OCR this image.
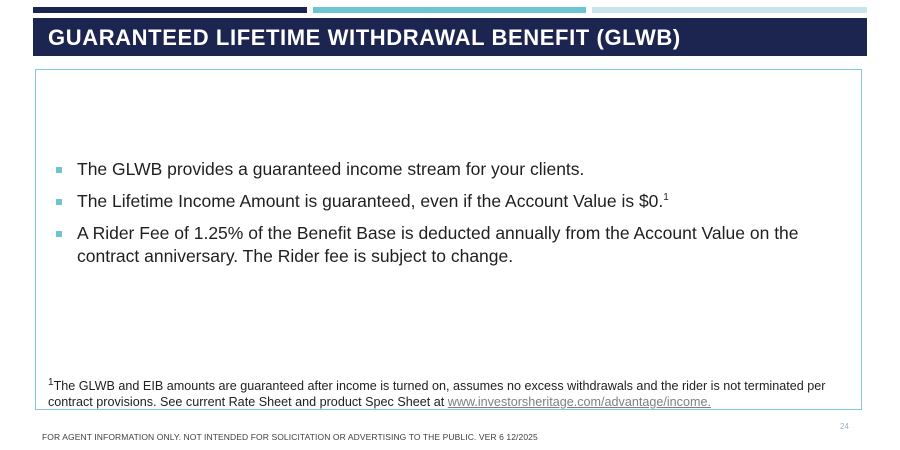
GUARANTEED LIFETIME WITHDRAWAL BENEFIT (GLWB)
The GLWB provides a guaranteed income stream for your clients.
The Lifetime Income Amount is guaranteed, even if the Account Value is $0.$^1$
A Rider Fee of 1.25% of the Benefit Base is deducted annually from the Account Value on the contract anniversary. The Rider fee is subject to change.
$^1$The GLWB and EIB amounts are guaranteed after income is turned on, assumes no excess withdrawals and the rider is not terminated per contract provisions. See current Rate Sheet and product Spec Sheet at www.investorsheritage.com/advantage/income.
FOR AGENT INFORMATION ONLY. NOT INTENDED FOR SOLICITATION OR ADVERTISING TO THE PUBLIC. VER 6 12/2025
24
